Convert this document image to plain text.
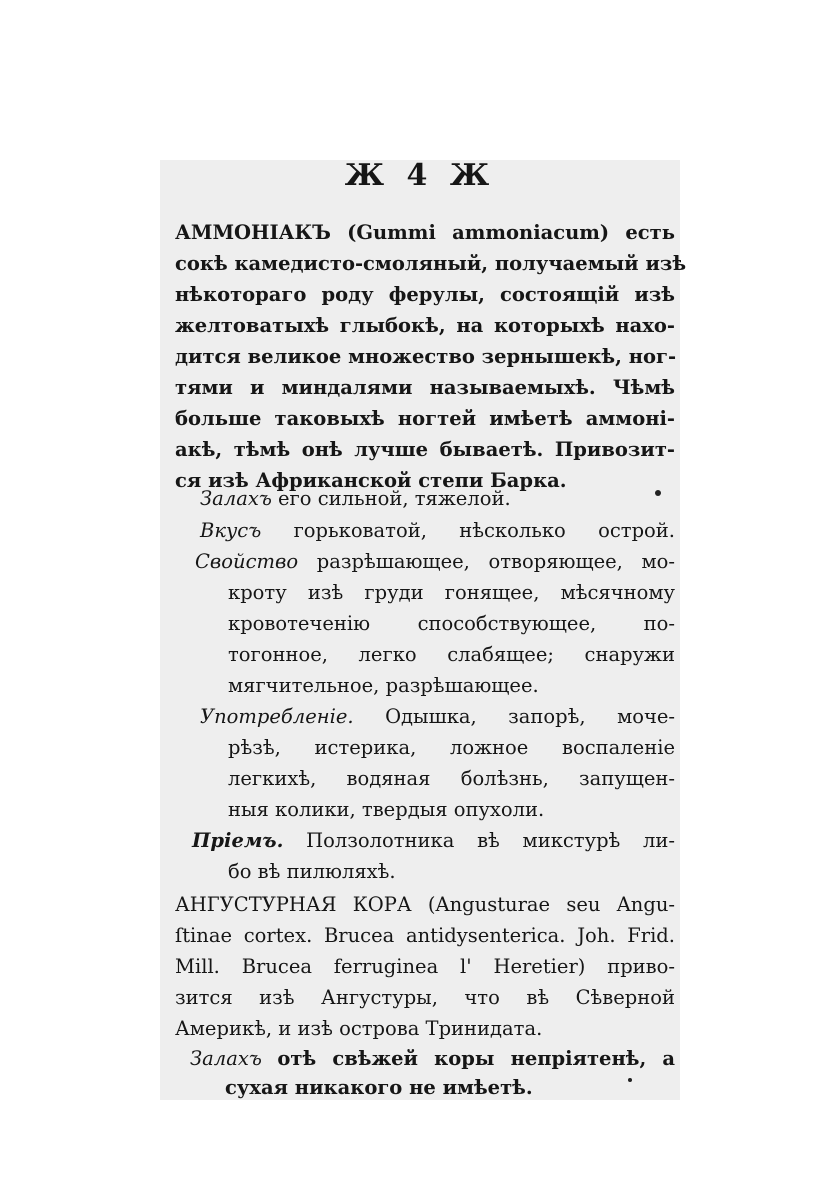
Ж 4 Ж
АММОНІАКЪ (Gummi ammoniacum) есть
сокѣ камедисто-смоляный, получаемый изѣ
нѣкотораго роду ферулы, состоящій изѣ
желтоватыхѣ глыбокѣ, на которыхѣ нахо-
дится великое множество зернышекѣ, ног-
тями и миндалями называемыхѣ. Чѣмѣ
больше таковыхѣ ногтей имѣетѣ аммоні-
акѣ, тѣмѣ онѣ лучше бываетѣ. Привозит-
ся изѣ Африканской степи Барка.
Залахъ его сильной, тяжелой.
Вкусъ горьковатой, нѣсколько острой.
Свойство разрѣшающее, отворяющее, мо-
кроту изѣ груди гонящее, мѣсячному
кровотеченію способствующее, по-
тогонное, легко слабящее; снаружи
мягчительное, разрѣшающее.
Употребленіе. Одышка, запорѣ, моче-
рѣзѣ, истерика, ложное воспаленіе
легкихѣ, водяная болѣзнь, запущен-
ныя колики, твердыя опухоли.
Пріемъ. Ползолотника вѣ микстурѣ ли-
бо вѣ пилюляхѣ.
АНГУСТУРНАЯ КОРА (Angusturae seu Angu-
ſtinae cortex. Brucea antidysenterica. Joh. Frid.
Mill. Brucea ferruginea l' Heretier) приво-
зится изѣ Ангустуры, что вѣ Сѣверной
Америкѣ, и изѣ острова Тринидата.
Залахъ отѣ свѣжей коры непріятенѣ, а
сухая никакого не имѣетѣ.
